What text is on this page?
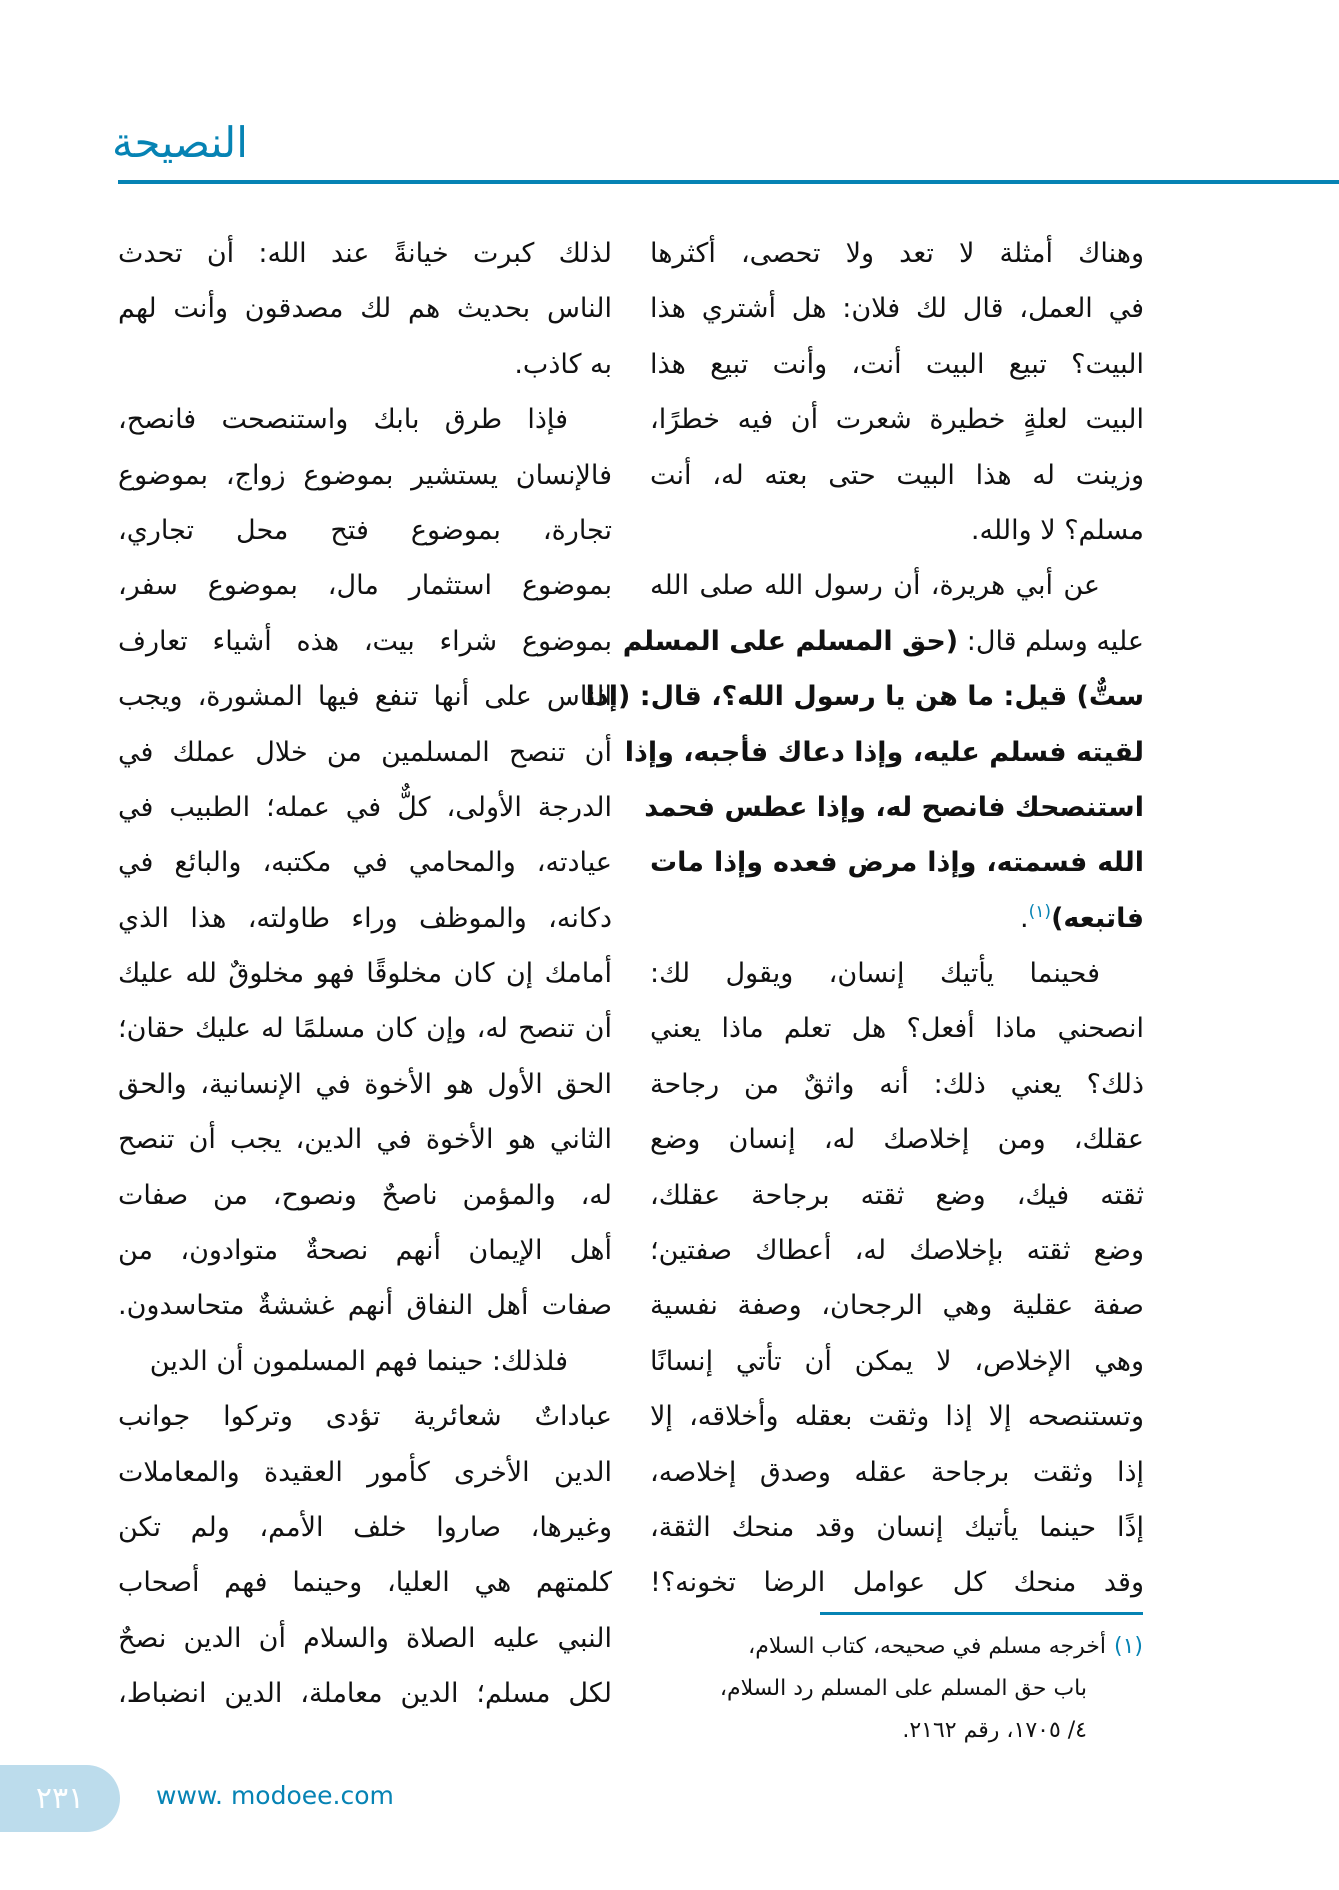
النصيحة
وهناك أمثلة لا تعد ولا تحصى، أكثرها
في العمل، قال لك فلان: هل أشتري هذا
البيت؟ تبيع البيت أنت، وأنت تبيع هذا
البيت لعلةٍ خطيرة شعرت أن فيه خطرًا،
وزينت له هذا البيت حتى بعته له، أنت
مسلم؟ لا والله.
عن أبي هريرة، أن رسول الله صلى الله
عليه وسلم قال: (حق المسلم على المسلم
ستٌّ) قيل: ما هن يا رسول الله؟، قال: (إذا
لقيته فسلم عليه، وإذا دعاك فأجبه، وإذا
استنصحك فانصح له، وإذا عطس فحمد
الله فسمته، وإذا مرض فعده وإذا مات
فاتبعه)$^{(١)}$.
فحينما يأتيك إنسان، ويقول لك:
انصحني ماذا أفعل؟ هل تعلم ماذا يعني
ذلك؟ يعني ذلك: أنه واثقٌ من رجاحة
عقلك، ومن إخلاصك له، إنسان وضع
ثقته فيك، وضع ثقته برجاحة عقلك،
وضع ثقته بإخلاصك له، أعطاك صفتين؛
صفة عقلية وهي الرجحان، وصفة نفسية
وهي الإخلاص، لا يمكن أن تأتي إنسانًا
وتستنصحه إلا إذا وثقت بعقله وأخلاقه، إلا
إذا وثقت برجاحة عقله وصدق إخلاصه،
إذًا حينما يأتيك إنسان وقد منحك الثقة،
وقد منحك كل عوامل الرضا تخونه؟!
لذلك كبرت خيانةً عند الله: أن تحدث
الناس بحديث هم لك مصدقون وأنت لهم
به كاذب.
فإذا طرق بابك واستنصحت فانصح،
فالإنسان يستشير بموضوع زواج، بموضوع
تجارة، بموضوع فتح محل تجاري،
بموضوع استثمار مال، بموضوع سفر،
بموضوع شراء بيت، هذه أشياء تعارف
الناس على أنها تنفع فيها المشورة، ويجب
أن تنصح المسلمين من خلال عملك في
الدرجة الأولى، كلٌّ في عمله؛ الطبيب في
عيادته، والمحامي في مكتبه، والبائع في
دكانه، والموظف وراء طاولته، هذا الذي
أمامك إن كان مخلوقًا فهو مخلوقٌ لله عليك
أن تنصح له، وإن كان مسلمًا له عليك حقان؛
الحق الأول هو الأخوة في الإنسانية، والحق
الثاني هو الأخوة في الدين، يجب أن تنصح
له، والمؤمن ناصحٌ ونصوح، من صفات
أهل الإيمان أنهم نصحةٌ متوادون، من
صفات أهل النفاق أنهم غششةٌ متحاسدون.
فلذلك: حينما فهم المسلمون أن الدين
عباداتٌ شعائرية تؤدى وتركوا جوانب
الدين الأخرى كأمور العقيدة والمعاملات
وغيرها، صاروا خلف الأمم، ولم تكن
كلمتهم هي العليا، وحينما فهم أصحاب
النبي عليه الصلاة والسلام أن الدين نصحٌ
لكل مسلم؛ الدين معاملة، الدين انضباط،
(١)أخرجه مسلم في صحيحه، كتاب السلام،
باب حق المسلم على المسلم رد السلام،
٤/ ١٧٠٥، رقم ٢١٦٢.
٢٣١	www. modoee.com
